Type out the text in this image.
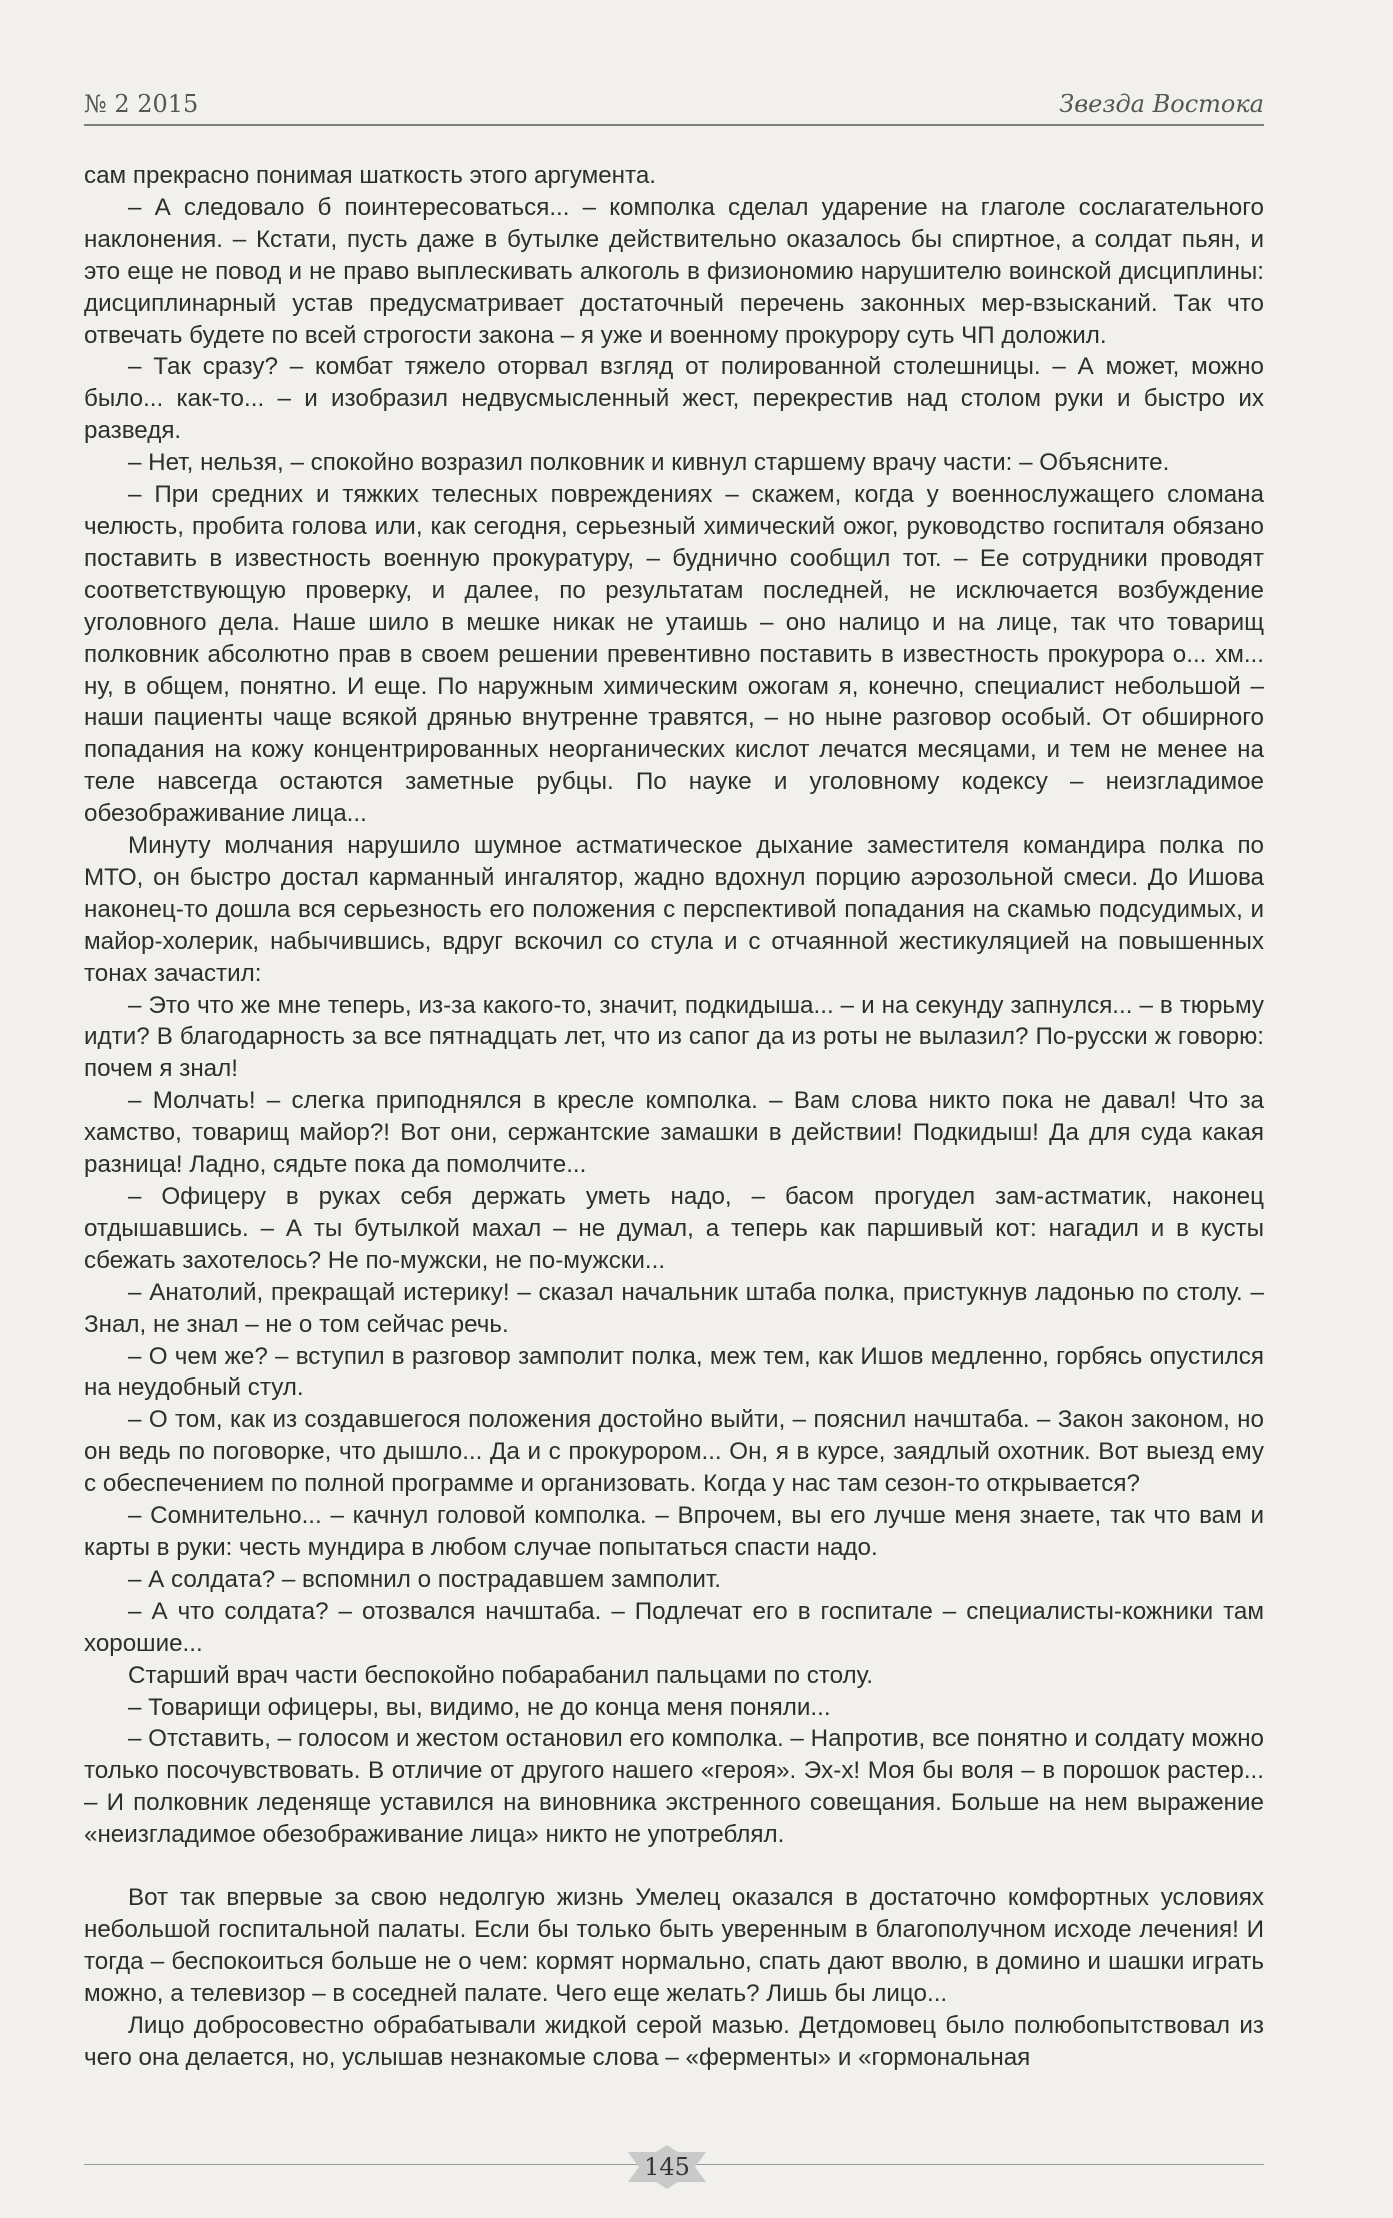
№ 2 2015	Звезда Востока

сам прекрасно понимая шаткость этого аргумента.

– А следовало б поинтересоваться... – комполка сделал ударение на глаголе сослагательного наклонения. – Кстати, пусть даже в бутылке действительно оказалось бы спиртное, а солдат пьян, и это еще не повод и не право выплескивать алкоголь в физиономию нарушителю воинской дисциплины: дисциплинарный устав предусматривает достаточный перечень законных мер-взысканий. Так что отвечать будете по всей строгости закона – я уже и военному прокурору суть ЧП доложил.

– Так сразу? – комбат тяжело оторвал взгляд от полированной столешницы. – А может, можно было... как-то... – и изобразил недвусмысленный жест, перекрестив над столом руки и быстро их разведя.

– Нет, нельзя, – спокойно возразил полковник и кивнул старшему врачу части: – Объясните.

– При средних и тяжких телесных повреждениях – скажем, когда у военнослужащего сломана челюсть, пробита голова или, как сегодня, серьезный химический ожог, руководство госпиталя обязано поставить в известность военную прокуратуру, – буднично сообщил тот. – Ее сотрудники проводят соответствующую проверку, и далее, по результатам последней, не исключается возбуждение уголовного дела. Наше шило в мешке никак не утаишь – оно налицо и на лице, так что товарищ полковник абсолютно прав в своем решении превентивно поставить в известность прокурора о... хм... ну, в общем, понятно. И еще. По наружным химическим ожогам я, конечно, специалист небольшой – наши пациенты чаще всякой дрянью внутренне травятся, – но ныне разговор особый. От обширного попадания на кожу концентрированных неорганических кислот лечатся месяцами, и тем не менее на теле навсегда остаются заметные рубцы. По науке и уголовному кодексу – неизгладимое обезображивание лица...

Минуту молчания нарушило шумное астматическое дыхание заместителя командира полка по МТО, он быстро достал карманный ингалятор, жадно вдохнул порцию аэрозольной смеси. До Ишова наконец-то дошла вся серьезность его положения с перспективой попадания на скамью подсудимых, и майор-холерик, набычившись, вдруг вскочил со стула и с отчаянной жестикуляцией на повышенных тонах зачастил:

– Это что же мне теперь, из-за какого-то, значит, подкидыша... – и на секунду запнулся... – в тюрьму идти? В благодарность за все пятнадцать лет, что из сапог да из роты не вылазил? По-русски ж говорю: почем я знал!

– Молчать! – слегка приподнялся в кресле комполка. – Вам слова никто пока не давал! Что за хамство, товарищ майор?! Вот они, сержантские замашки в действии! Подкидыш! Да для суда какая разница! Ладно, сядьте пока да помолчите...

– Офицеру в руках себя держать уметь надо, – басом прогудел зам-астматик, наконец отдышавшись. – А ты бутылкой махал – не думал, а теперь как паршивый кот: нагадил и в кусты сбежать захотелось? Не по-мужски, не по-мужски...

– Анатолий, прекращай истерику! – сказал начальник штаба полка, пристукнув ладонью по столу. – Знал, не знал – не о том сейчас речь.

– О чем же? – вступил в разговор замполит полка, меж тем, как Ишов медленно, горбясь опустился на неудобный стул.

– О том, как из создавшегося положения достойно выйти, – пояснил начштаба. – Закон законом, но он ведь по поговорке, что дышло... Да и с прокурором... Он, я в курсе, заядлый охотник. Вот выезд ему с обеспечением по полной программе и организовать. Когда у нас там сезон-то открывается?

– Сомнительно... – качнул головой комполка. – Впрочем, вы его лучше меня знаете, так что вам и карты в руки: честь мундира в любом случае попытаться спасти надо.

– А солдата? – вспомнил о пострадавшем замполит.

– А что солдата? – отозвался начштаба. – Подлечат его в госпитале – специалисты-кожники там хорошие...

Старший врач части беспокойно побарабанил пальцами по столу.

– Товарищи офицеры, вы, видимо, не до конца меня поняли...

– Отставить, – голосом и жестом остановил его комполка. – Напротив, все понятно и солдату можно только посочувствовать. В отличие от другого нашего «героя». Эх-х! Моя бы воля – в порошок растер... – И полковник леденяще уставился на виновника экстренного совещания. Больше на нем выражение «неизгладимое обезображивание лица» никто не употреблял.

Вот так впервые за свою недолгую жизнь Умелец оказался в достаточно комфортных условиях небольшой госпитальной палаты. Если бы только быть уверенным в благополучном исходе лечения! И тогда – беспокоиться больше не о чем: кормят нормально, спать дают вволю, в домино и шашки играть можно, а телевизор – в соседней палате. Чего еще желать? Лишь бы лицо...

Лицо добросовестно обрабатывали жидкой серой мазью. Детдомовец было полюбопытствовал из чего она делается, но, услышав незнакомые слова – «ферменты» и «гормональная

145
